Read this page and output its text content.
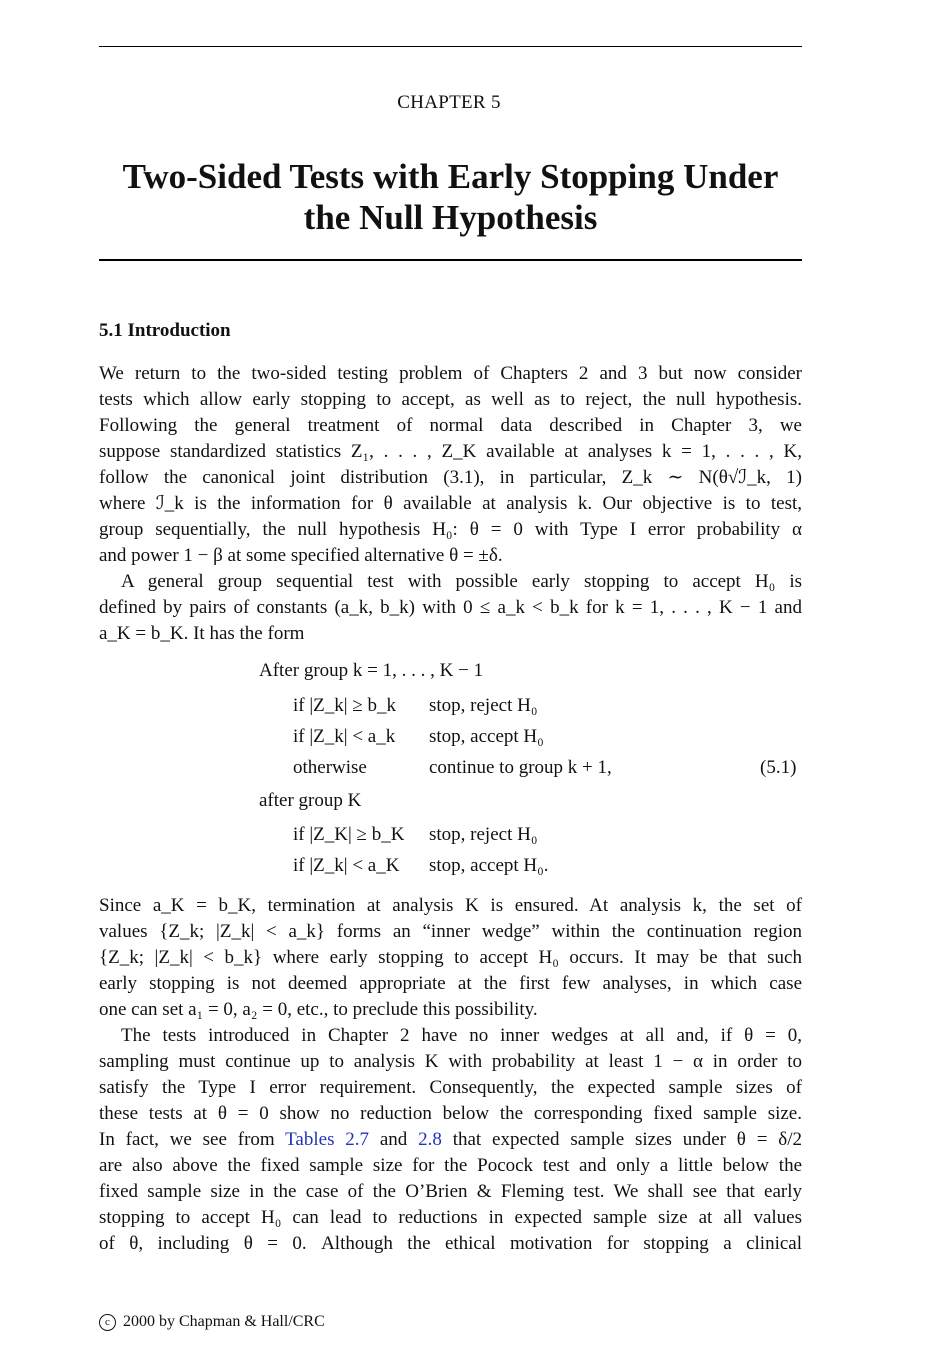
CHAPTER 5
Two-Sided Tests with Early Stopping Under
the Null Hypothesis
5.1 Introduction
We return to the two-sided testing problem of Chapters 2 and 3 but now consider
tests which allow early stopping to accept, as well as to reject, the null hypothesis.
Following the general treatment of normal data described in Chapter 3, we
suppose standardized statistics Z₁, . . . , Z_K available at analyses k = 1, . . . , K,
follow the canonical joint distribution (3.1), in particular, Z_k ∼ N(θ√ℐ_k, 1)
where ℐ_k is the information for θ available at analysis k. Our objective is to test,
group sequentially, the null hypothesis H₀: θ = 0 with Type I error probability α
and power 1 − β at some specified alternative θ = ±δ.
A general group sequential test with possible early stopping to accept H₀ is
defined by pairs of constants (a_k, b_k) with 0 ≤ a_k < b_k for k = 1, . . . , K − 1 and
a_K = b_K. It has the form
After group k = 1, . . . , K − 1
if |Z_k| ≥ b_k stop, reject H₀
if |Z_k| < a_k stop, accept H₀
otherwise	continue to group k + 1,
after group K
if |Z_K| ≥ b_K stop, reject H₀
if |Z_k| < a_K stop, accept H₀.
(5.1)
Since a_K = b_K, termination at analysis K is ensured. At analysis k, the set of
values {Z_k; |Z_k| < a_k} forms an “inner wedge” within the continuation region
{Z_k; |Z_k| < b_k} where early stopping to accept H₀ occurs. It may be that such
early stopping is not deemed appropriate at the first few analyses, in which case
one can set a₁ = 0, a₂ = 0, etc., to preclude this possibility.
The tests introduced in Chapter 2 have no inner wedges at all and, if θ = 0,
sampling must continue up to analysis K with probability at least 1 − α in order to
satisfy the Type I error requirement. Consequently, the expected sample sizes of
these tests at θ = 0 show no reduction below the corresponding fixed sample size.
In fact, we see from Tables 2.7 and 2.8 that expected sample sizes under θ = δ/2
are also above the fixed sample size for the Pocock test and only a little below the
fixed sample size in the case of the O’Brien & Fleming test. We shall see that early
stopping to accept H₀ can lead to reductions in expected sample size at all values
of θ, including θ = 0. Although the ethical motivation for stopping a clinical
c 2000 by Chapman & Hall/CRC
